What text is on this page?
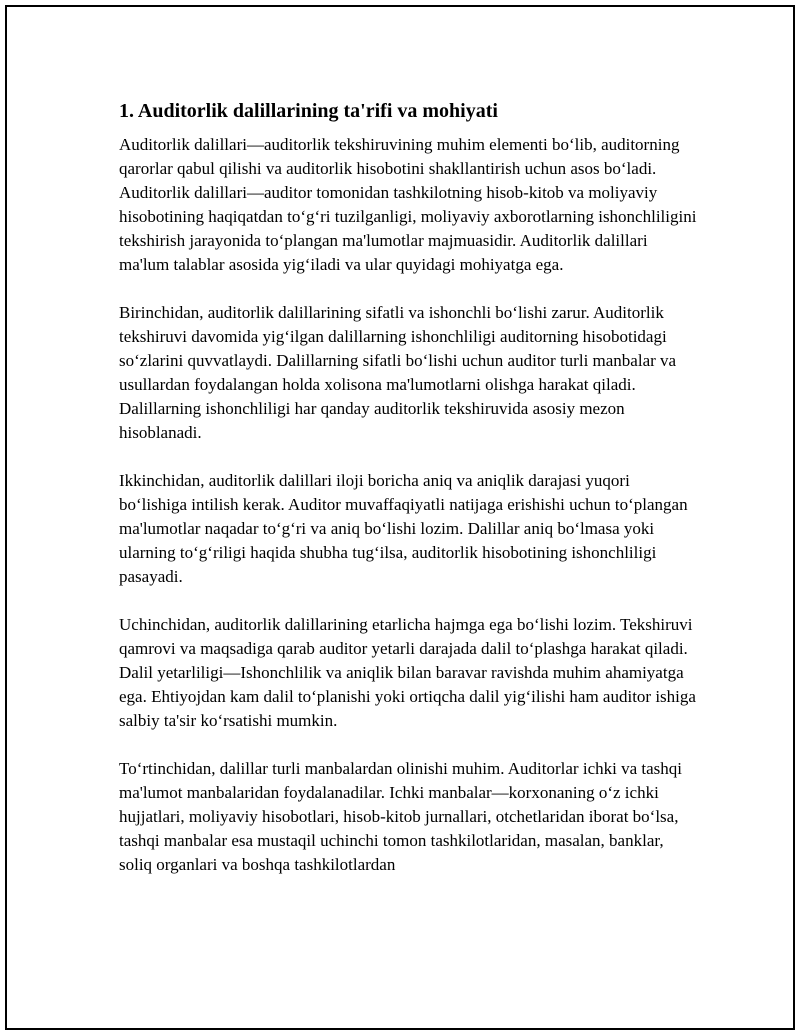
1. Auditorlik dalillarining ta'rifi va mohiyati

Auditorlik dalillari—auditorlik tekshiruvining muhim elementi bo‘lib, auditorning qarorlar qabul qilishi va auditorlik hisobotini shakllantirish uchun asos bo‘ladi. Auditorlik dalillari—auditor tomonidan tashkilotning hisob-kitob va moliyaviy hisobotining haqiqatdan to‘g‘ri tuzilganligi, moliyaviy axborotlarning ishonchliligini tekshirish jarayonida to‘plangan ma'lumotlar majmuasidir. Auditorlik dalillari ma'lum talablar asosida yig‘iladi va ular quyidagi mohiyatga ega.

Birinchidan, auditorlik dalillarining sifatli va ishonchli bo‘lishi zarur. Auditorlik tekshiruvi davomida yig‘ilgan dalillarning ishonchliligi auditorning hisobotidagi so‘zlarini quvvatlaydi. Dalillarning sifatli bo‘lishi uchun auditor turli manbalar va usullardan foydalangan holda xolisona ma'lumotlarni olishga harakat qiladi. Dalillarning ishonchliligi har qanday auditorlik tekshiruvida asosiy mezon hisoblanadi.

Ikkinchidan, auditorlik dalillari iloji boricha aniq va aniqlik darajasi yuqori bo‘lishiga intilish kerak. Auditor muvaffaqiyatli natijaga erishishi uchun to‘plangan ma'lumotlar naqadar to‘g‘ri va aniq bo‘lishi lozim. Dalillar aniq bo‘lmasa yoki ularning to‘g‘riligi haqida shubha tug‘ilsa, auditorlik hisobotining ishonchliligi pasayadi.

Uchinchidan, auditorlik dalillarining etarlicha hajmga ega bo‘lishi lozim. Tekshiruvi qamrovi va maqsadiga qarab auditor yetarli darajada dalil to‘plashga harakat qiladi. Dalil yetarliligi—Ishonchlilik va aniqlik bilan baravar ravishda muhim ahamiyatga ega. Ehtiyojdan kam dalil to‘planishi yoki ortiqcha dalil yig‘ilishi ham auditor ishiga salbiy ta'sir ko‘rsatishi mumkin.

To‘rtinchidan, dalillar turli manbalardan olinishi muhim. Auditorlar ichki va tashqi ma'lumot manbalaridan foydalanadilar. Ichki manbalar—korxonaning o‘z ichki hujjatlari, moliyaviy hisobotlari, hisob-kitob jurnallari, otchetlaridan iborat bo‘lsa, tashqi manbalar esa mustaqil uchinchi tomon tashkilotlaridan, masalan, banklar, soliq organlari va boshqa tashkilotlardan
